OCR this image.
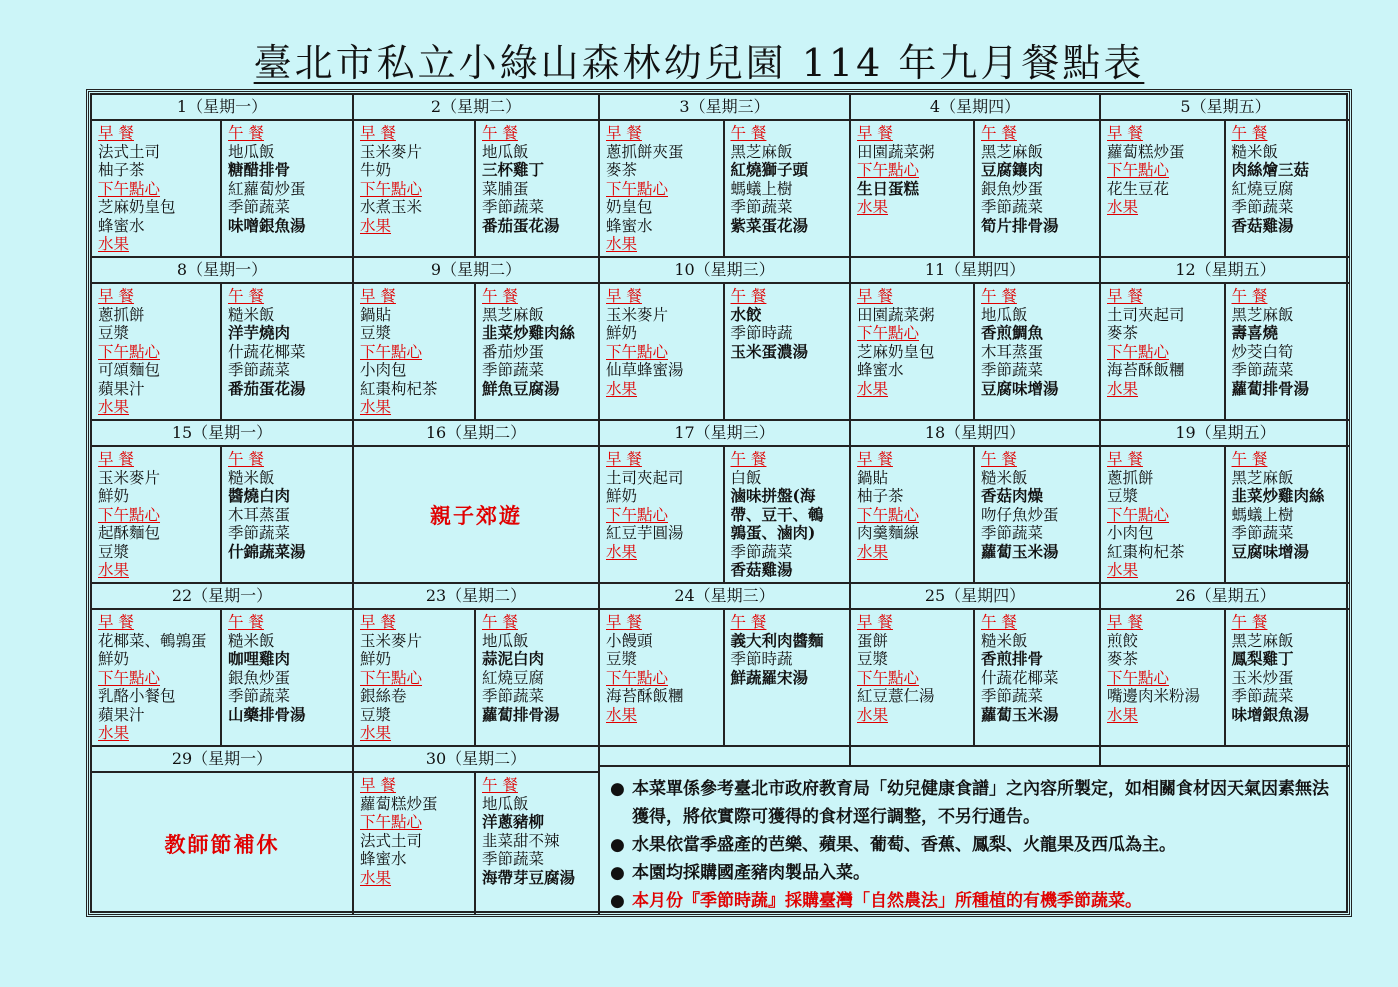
臺北市私立小綠山森林幼兒園 114 年九月餐點表
1（星期一）
早 餐
法式土司
柚子茶
下午點心
芝麻奶皇包
蜂蜜水
水果
午 餐
地瓜飯
糖醋排骨
紅蘿蔔炒蛋
季節蔬菜
味噌銀魚湯
2（星期二）
早 餐
玉米麥片
牛奶
下午點心
水煮玉米
水果
午 餐
地瓜飯
三杯雞丁
菜脯蛋
季節蔬菜
番茄蛋花湯
3（星期三）
早 餐
蔥抓餅夾蛋
麥茶
下午點心
奶皇包
蜂蜜水
水果
午 餐
黑芝麻飯
紅燒獅子頭
螞蟻上樹
季節蔬菜
紫菜蛋花湯
4（星期四）
早 餐
田園蔬菜粥
下午點心
生日蛋糕
水果
午 餐
黑芝麻飯
豆腐鑲肉
銀魚炒蛋
季節蔬菜
筍片排骨湯
5（星期五）
早 餐
蘿蔔糕炒蛋
下午點心
花生豆花
水果
午 餐
糙米飯
肉絲燴三菇
紅燒豆腐
季節蔬菜
香菇雞湯
8（星期一）
早 餐
蔥抓餅
豆漿
下午點心
可頌麵包
蘋果汁
水果
午 餐
糙米飯
洋芋燒肉
什蔬花椰菜
季節蔬菜
番茄蛋花湯
9（星期二）
早 餐
鍋貼
豆漿
下午點心
小肉包
紅棗枸杞茶
水果
午 餐
黑芝麻飯
韭菜炒雞肉絲
番茄炒蛋
季節蔬菜
鮮魚豆腐湯
10（星期三）
早 餐
玉米麥片
鮮奶
下午點心
仙草蜂蜜湯
水果
午 餐
水餃
季節時蔬
玉米蛋濃湯
11（星期四）
早 餐
田園蔬菜粥
下午點心
芝麻奶皇包
蜂蜜水
水果
午 餐
地瓜飯
香煎鯛魚
木耳蒸蛋
季節蔬菜
豆腐味增湯
12（星期五）
早 餐
土司夾起司
麥茶
下午點心
海苔酥飯糰
水果
午 餐
黑芝麻飯
壽喜燒
炒茭白筍
季節蔬菜
蘿蔔排骨湯
15（星期一）
早 餐
玉米麥片
鮮奶
下午點心
起酥麵包
豆漿
水果
午 餐
糙米飯
醬燒白肉
木耳蒸蛋
季節蔬菜
什錦蔬菜湯
16（星期二）
親子郊遊
17（星期三）
早 餐
土司夾起司
鮮奶
下午點心
紅豆芋圓湯
水果
午 餐
白飯
滷味拼盤(海
帶、豆干、鵪
鶉蛋、滷肉)
季節蔬菜
香菇雞湯
18（星期四）
早 餐
鍋貼
柚子茶
下午點心
肉羹麵線
水果
午 餐
糙米飯
香菇肉燥
吻仔魚炒蛋
季節蔬菜
蘿蔔玉米湯
19（星期五）
早 餐
蔥抓餅
豆漿
下午點心
小肉包
紅棗枸杞茶
水果
午 餐
黑芝麻飯
韭菜炒雞肉絲
螞蟻上樹
季節蔬菜
豆腐味增湯
22（星期一）
早 餐
花椰菜、鵪鶉蛋
鮮奶
下午點心
乳酪小餐包
蘋果汁
水果
午 餐
糙米飯
咖哩雞肉
銀魚炒蛋
季節蔬菜
山藥排骨湯
23（星期二）
早 餐
玉米麥片
鮮奶
下午點心
銀絲卷
豆漿
水果
午 餐
地瓜飯
蒜泥白肉
紅燒豆腐
季節蔬菜
蘿蔔排骨湯
24（星期三）
早 餐
小饅頭
豆漿
下午點心
海苔酥飯糰
水果
午 餐
義大利肉醬麵
季節時蔬
鮮蔬羅宋湯
25（星期四）
早 餐
蛋餅
豆漿
下午點心
紅豆薏仁湯
水果
午 餐
糙米飯
香煎排骨
什蔬花椰菜
季節蔬菜
蘿蔔玉米湯
26（星期五）
早 餐
煎餃
麥茶
下午點心
嘴邊肉米粉湯
水果
午 餐
黑芝麻飯
鳳梨雞丁
玉米炒蛋
季節蔬菜
味增銀魚湯
29（星期一）
教師節補休
30（星期二）
早 餐
蘿蔔糕炒蛋
下午點心
法式土司
蜂蜜水
水果
午 餐
地瓜飯
洋蔥豬柳
韭菜甜不辣
季節蔬菜
海帶芽豆腐湯
● 本菜單係參考臺北市政府教育局「幼兒健康食譜」之內容所製定，如相關食材因天氣因素無法獲得，將依實際可獲得的食材逕行調整，不另行通告。
● 水果依當季盛產的芭樂、蘋果、葡萄、香蕉、鳳梨、火龍果及西瓜為主。
● 本園均採購國產豬肉製品入菜。
● 本月份『季節時蔬』採購臺灣「自然農法」所種植的有機季節蔬菜。
